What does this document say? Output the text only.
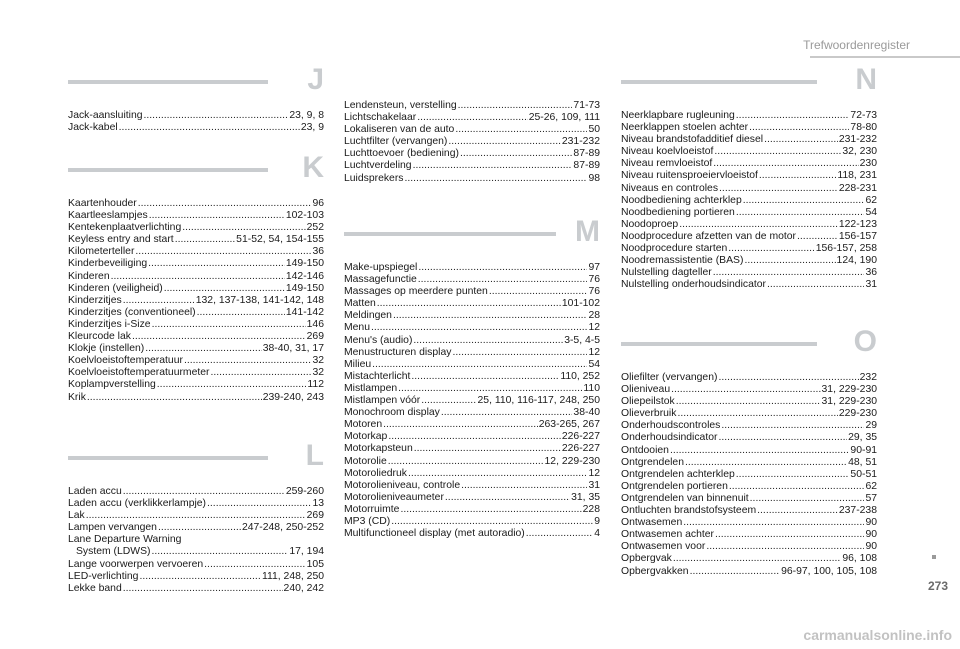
Trefwoordenregister
J
Jack-aansluiting .....	23, 9, 8
Jack-kabel .....	23, 9
K
Kaartenhouder .....	96
Kaartleeslampjes .....	102-103
Kentekenplaatverlichting .....	252
Keyless entry and start .....	51-52, 54, 154-155
Kilometerteller .....	36
Kinderbeveiliging .....	149-150
Kinderen .....	142-146
Kinderen (veiligheid) .....	149-150
Kinderzitjes .....	132, 137-138, 141-142, 148
Kinderzitjes (conventioneel) .....	141-142
Kinderzitjes i-Size .....	146
Kleurcode lak .....	269
Klokje (instellen) .....	38-40, 31, 17
Koelvloeistoftemperatuur .....	32
Koelvloeistoftemperatuurmeter .....	32
Koplampverstelling .....	112
Krik .....	239-240, 243
L
Laden accu .....	259-260
Laden accu (verklikkerlampje) .....	13
Lak .....	269
Lampen vervangen .....	247-248, 250-252
Lane Departure Warning
System (LDWS) .....	17, 194
Lange voorwerpen vervoeren .....	105
LED-verlichting .....	111, 248, 250
Lekke band .....	240, 242
Lendensteun, verstelling .....	71-73
Lichtschakelaar .....	25-26, 109, 111
Lokaliseren van de auto .....	50
Luchtfilter (vervangen) .....	231-232
Luchttoevoer (bediening) .....	87-89
Luchtverdeling .....	87-89
Luidsprekers .....	98
M
Make-upspiegel .....	97
Massagefunctie .....	76
Massages op meerdere punten .....	76
Matten .....	101-102
Meldingen .....	28
Menu .....	12
Menu's (audio) .....	3-5, 4-5
Menustructuren display .....	12
Milieu .....	54
Mistachterlicht .....	110, 252
Mistlampen .....	110
Mistlampen vóór .....	25, 110, 116-117, 248, 250
Monochroom display .....	38-40
Motoren .....	263-265, 267
Motorkap .....	226-227
Motorkapsteun .....	226-227
Motorolie .....	12, 229-230
Motoroliedruk .....	12
Motorolieniveau, controle .....	31
Motorolieniveaumeter .....	31, 35
Motorruimte .....	228
MP3 (CD) .....	9
Multifunctioneel display (met autoradio) .....	4
N
Neerklapbare rugleuning .....	72-73
Neerklappen stoelen achter .....	78-80
Niveau brandstofadditief diesel .....	231-232
Niveau koelvloeistof .....	32, 230
Niveau remvloeistof .....	230
Niveau ruitensproeiervloeistof .....	118, 231
Niveaus en controles .....	228-231
Noodbediening achterklep .....	62
Noodbediening portieren .....	54
Noodoproep .....	122-123
Noodprocedure afzetten van de motor .....	156-157
Noodprocedure starten .....	156-157, 258
Noodremassistentie (BAS) .....	124, 190
Nulstelling dagteller .....	36
Nulstelling onderhoudsindicator .....	31
O
Oliefilter (vervangen) .....	232
Olieniveau .....	31, 229-230
Oliepeilstok .....	31, 229-230
Olieverbruik .....	229-230
Onderhoudscontroles .....	29
Onderhoudsindicator .....	29, 35
Ontdooien .....	90-91
Ontgrendelen .....	48, 51
Ontgrendelen achterklep .....	50-51
Ontgrendelen portieren .....	62
Ontgrendelen van binnenuit .....	57
Ontluchten brandstofsysteem .....	237-238
Ontwasemen .....	90
Ontwasemen achter .....	90
Ontwasemen voor .....	90
Opbergvak .....	96, 108
Opbergvakken .....	96-97, 100, 105, 108
273
carmanualsonline.info
